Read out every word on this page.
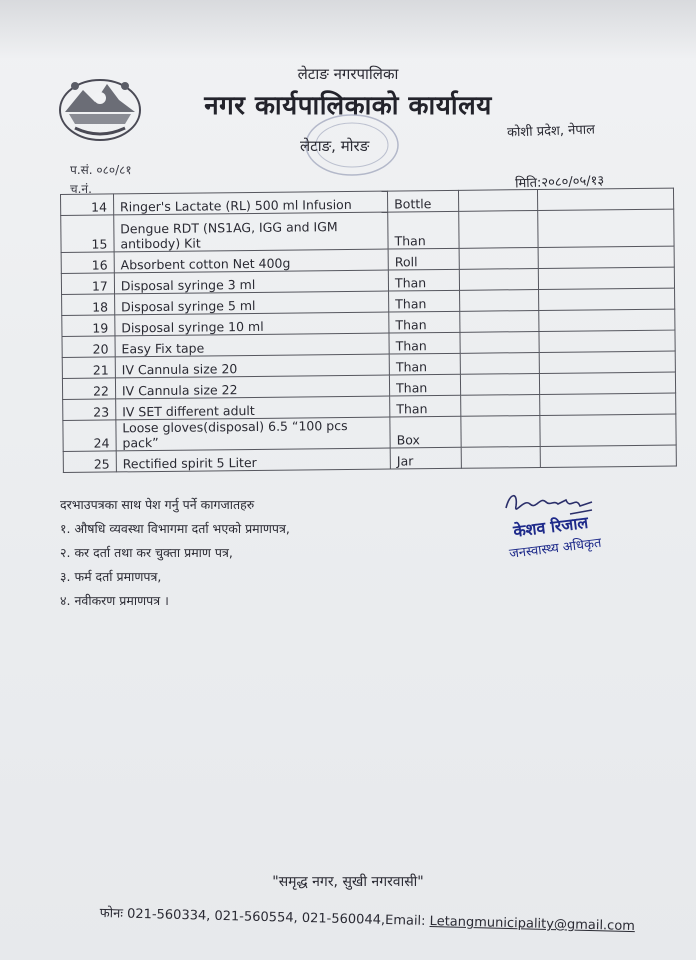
लेटाङ नगरपालिका
नगर कार्यपालिकाको कार्यालय
लेटाङ, मोरङ
कोशी प्रदेश, नेपाल
प.सं. ०८०/८१
च.नं.	मिति:२०८०/०५/१३
14	Ringer's Lactate (RL) 500 ml Infusion	Bottle		
15	Dengue RDT (NS1AG, IGG and IGM antibody) Kit	Than		
16	Absorbent cotton Net 400g	Roll		
17	Disposal syringe 3 ml	Than		
18	Disposal syringe 5 ml	Than		
19	Disposal syringe 10 ml	Than		
20	Easy Fix tape	Than		
21	IV Cannula size 20	Than		
22	IV Cannula size 22	Than		
23	IV SET different adult	Than		
24	Loose gloves(disposal) 6.5 “100 pcs pack”	Box		
25	Rectified spirit 5 Liter	Jar		
दरभाउपत्रका साथ पेश गर्नु पर्ने कागजातहरु
१. औषधि व्यवस्था विभागमा दर्ता भएको प्रमाणपत्र,
२. कर दर्ता तथा कर चुक्ता प्रमाण पत्र,
३. फर्म दर्ता प्रमाणपत्र,
४. नवीकरण प्रमाणपत्र ।
केशव रिजाल
जनस्वास्थ्य अधिकृत
"समृद्ध नगर, सुखी नगरवासी"
फोनः 021-560334, 021-560554, 021-560044,Email: Letangmunicipality@gmail.com
